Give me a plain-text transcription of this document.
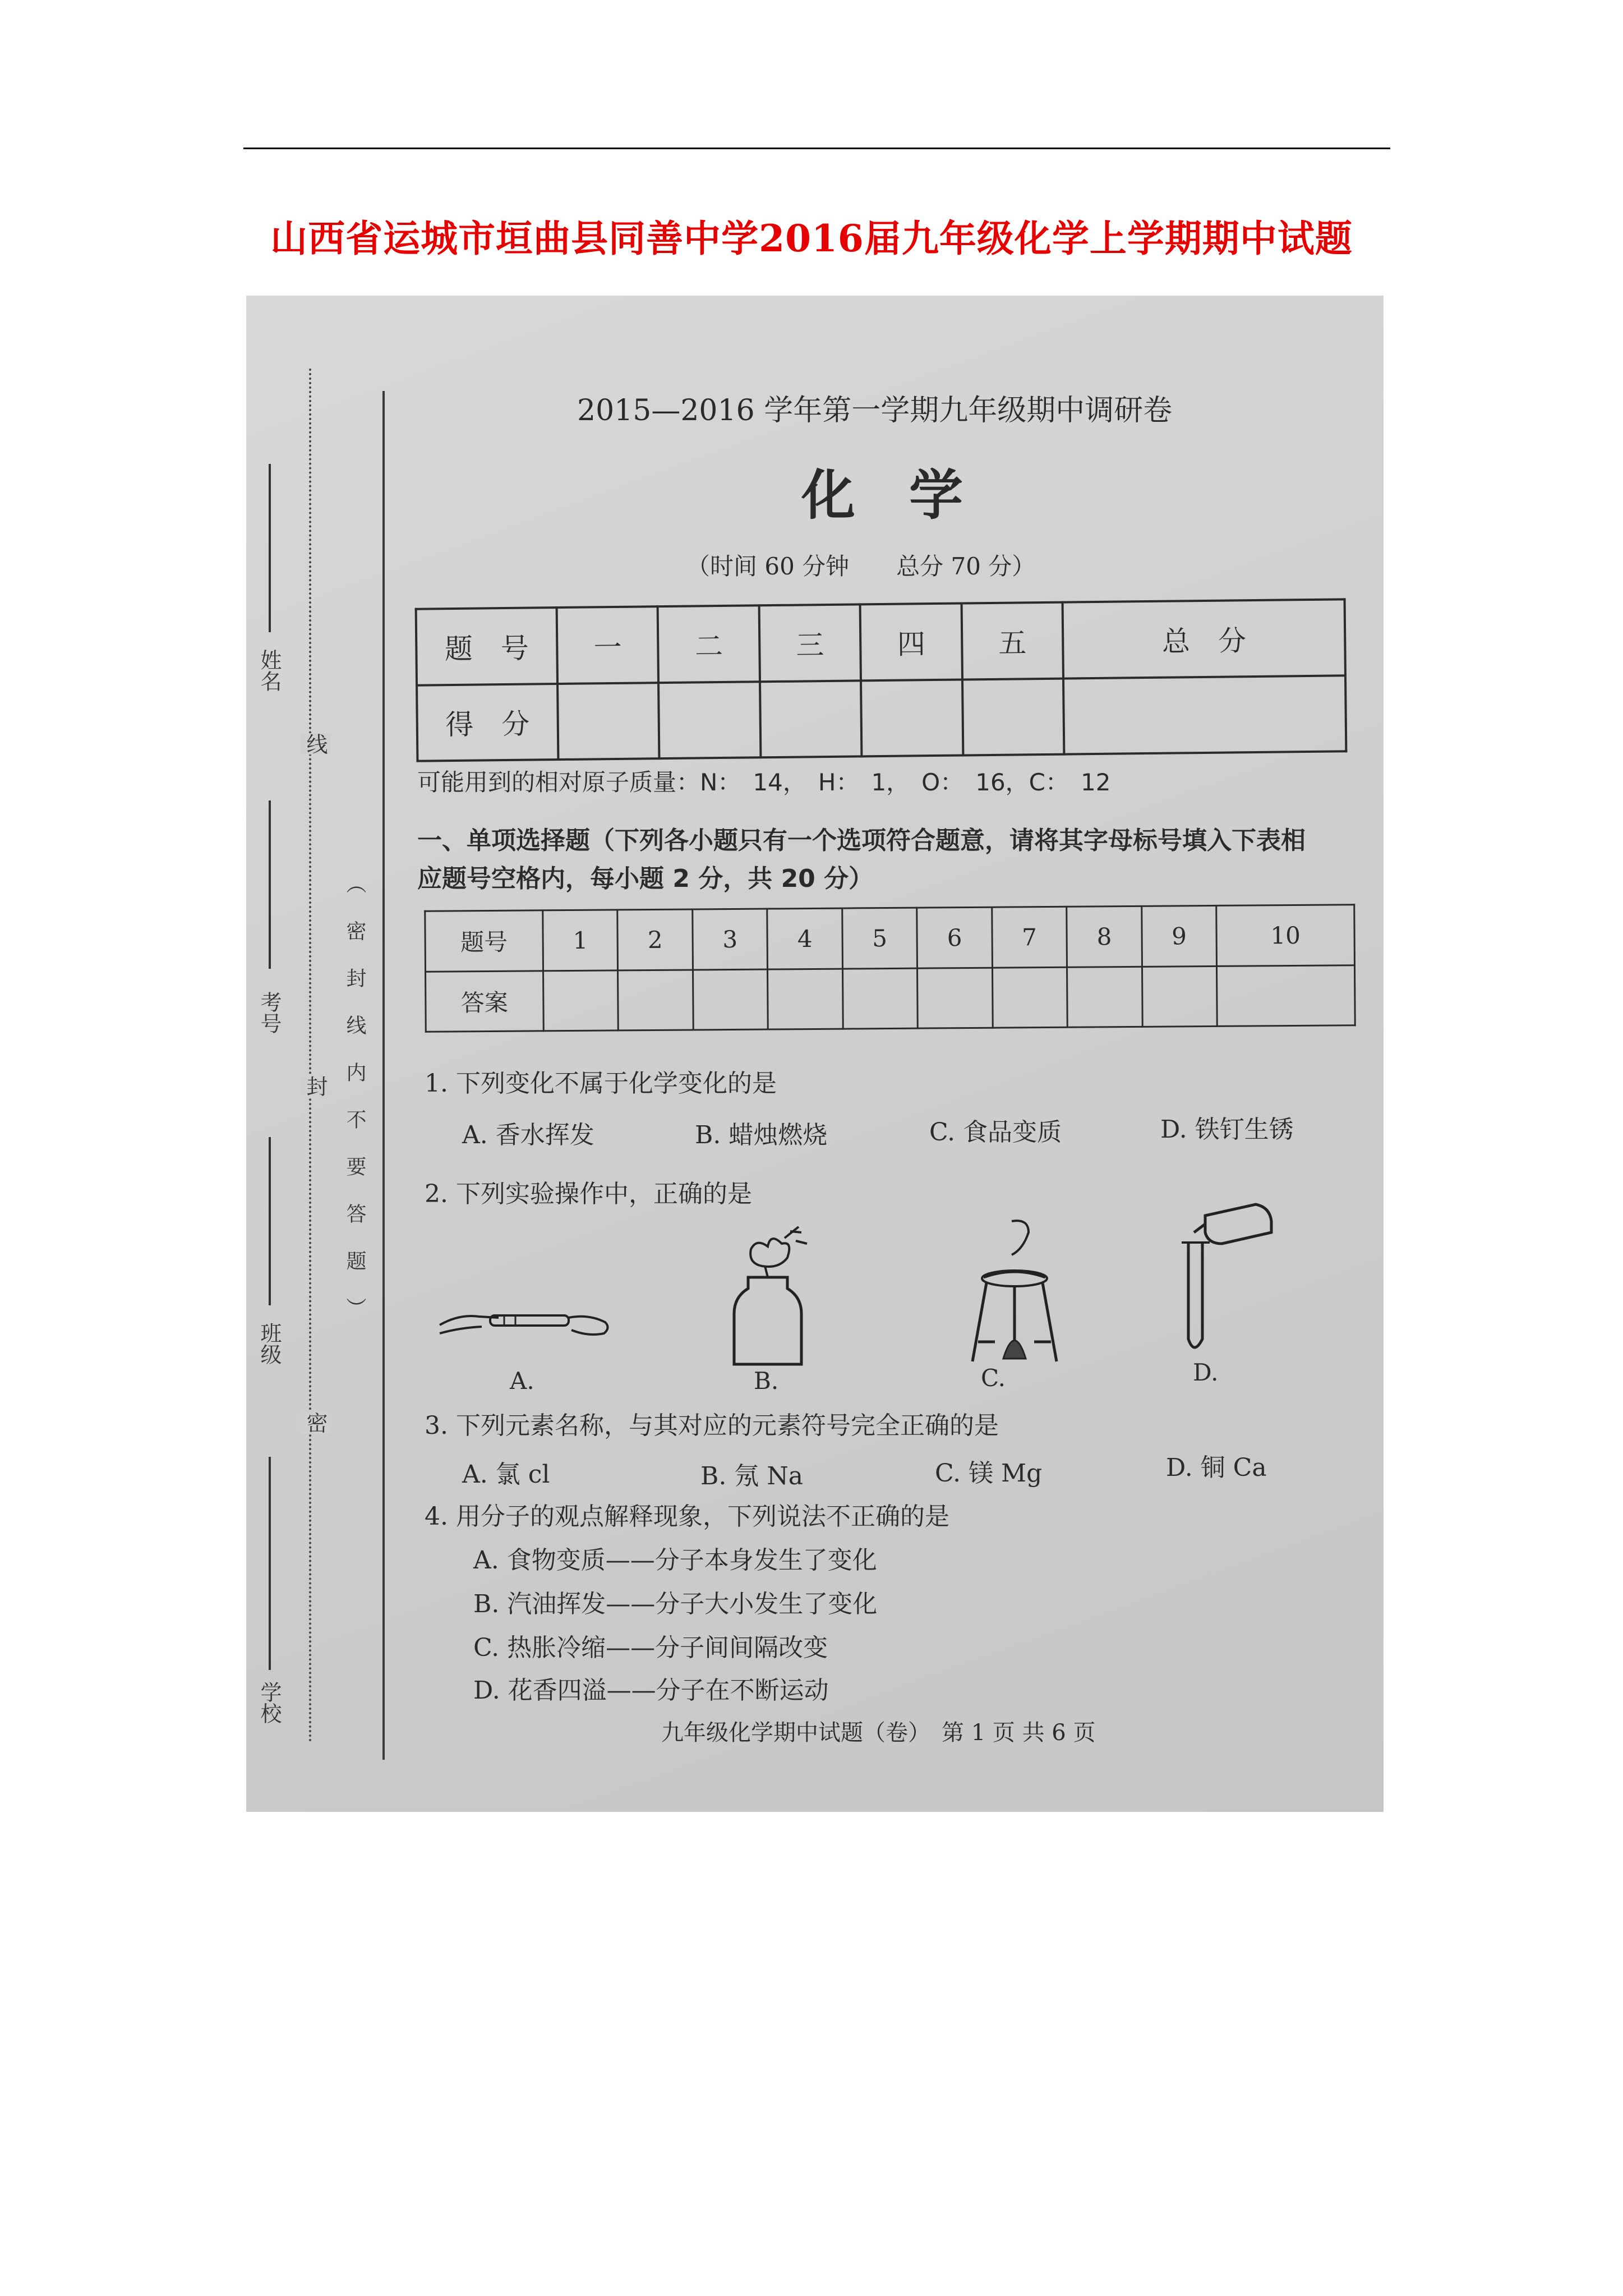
山西省运城市垣曲县同善中学2016届九年级化学上学期期中试题
姓名
考号
班级
学校
线
封
密
（　密　封　线　内　不　要　答　题　）
2015—2016 学年第一学期九年级期中调研卷
化　学
（时间 60 分钟　　总分 70 分）
题　号	一	二	三	四	五	总　分
得　分						
可能用到的相对原子质量：N：　14，　H：　1，　O：　16，C：　12
一、单项选择题（下列各小题只有一个选项符合题意，请将其字母标号填入下表相
应题号空格内，每小题 2 分，共 20 分）
题号	1	2	3	4	5	6	7	8	9	10
答案										
1. 下列变化不属于化学变化的是
A. 香水挥发	B. 蜡烛燃烧	C. 食品变质	D. 铁钉生锈
2. 下列实验操作中，正确的是
A.	B.	C.	D.
3. 下列元素名称，与其对应的元素符号完全正确的是
A. 氯 cl	B. 氖 Na	C. 镁 Mg	D. 铜 Ca
4. 用分子的观点解释现象，下列说法不正确的是
A. 食物变质——分子本身发生了变化
B. 汽油挥发——分子大小发生了变化
C. 热胀冷缩——分子间间隔改变
D. 花香四溢——分子在不断运动
九年级化学期中试题（卷）　第 1 页 共 6 页
